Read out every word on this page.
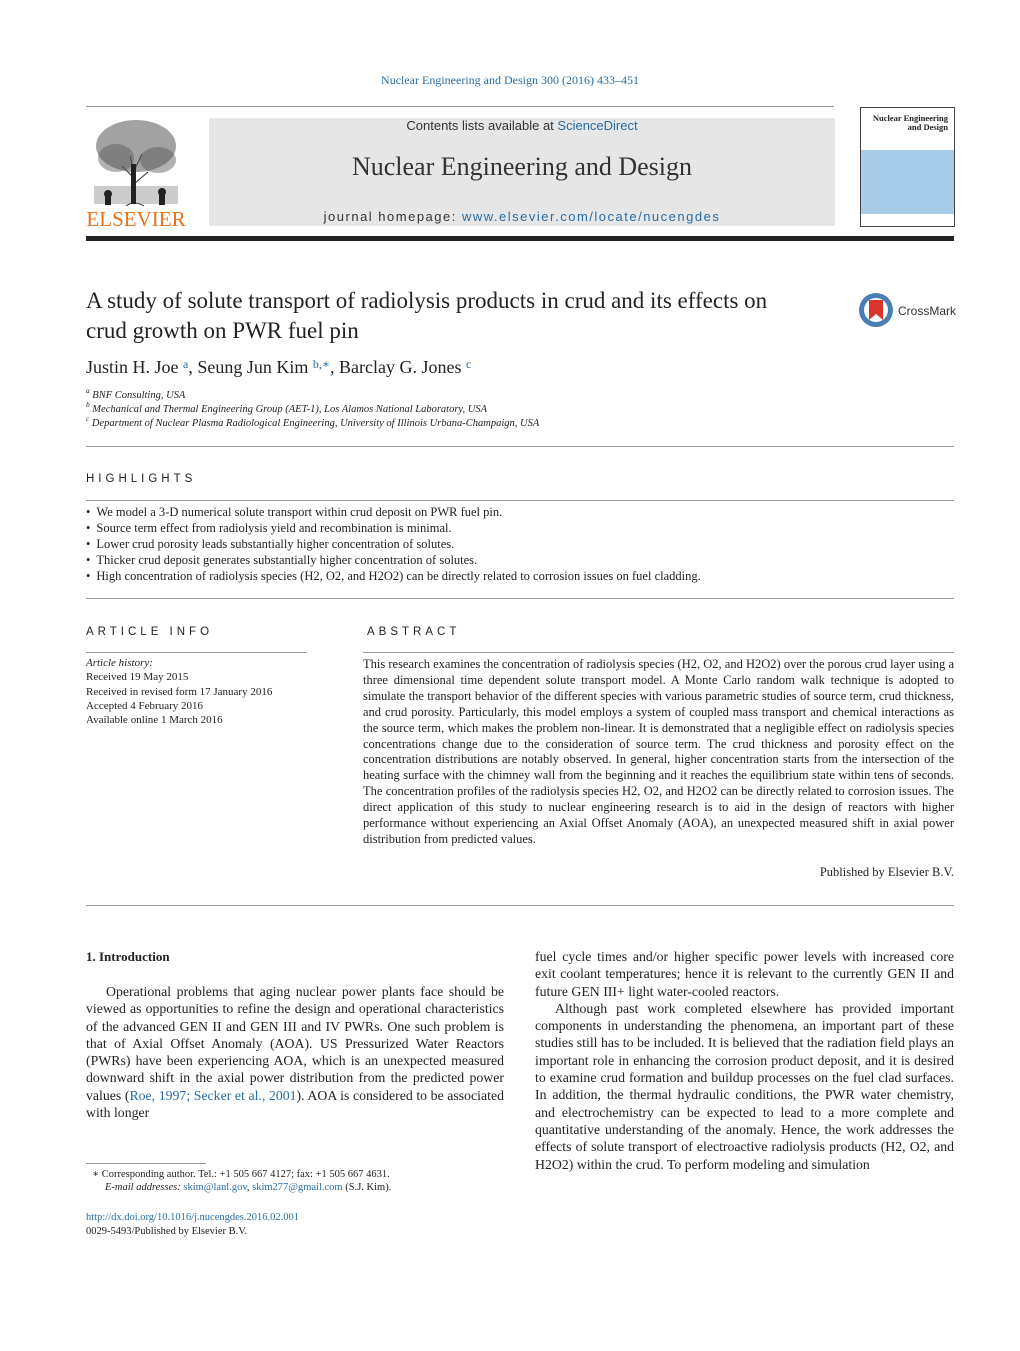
Nuclear Engineering and Design 300 (2016) 433–451
ELSEVIER
Contents lists available at ScienceDirect
Nuclear Engineering and Design
journal homepage: www.elsevier.com/locate/nucengdes
Nuclear Engineering and Design
A study of solute transport of radiolysis products in crud and its effects on crud growth on PWR fuel pin
CrossMark
Justin H. Joe $^a$, Seung Jun Kim $^{b,∗}$, Barclay G. Jones $^c$
$^a$ BNF Consulting, USA
$^b$ Mechanical and Thermal Engineering Group (AET-1), Los Alamos National Laboratory, USA
$^c$ Department of Nuclear Plasma Radiological Engineering, University of Illinois Urbana-Champaign, USA
HIGHLIGHTS
• We model a 3-D numerical solute transport within crud deposit on PWR fuel pin.
• Source term effect from radiolysis yield and recombination is minimal.
• Lower crud porosity leads substantially higher concentration of solutes.
• Thicker crud deposit generates substantially higher concentration of solutes.
• High concentration of radiolysis species (H2, O2, and H2O2) can be directly related to corrosion issues on fuel cladding.
ARTICLE INFO
Article history:
Received 19 May 2015
Received in revised form 17 January 2016
Accepted 4 February 2016
Available online 1 March 2016
ABSTRACT
This research examines the concentration of radiolysis species (H2, O2, and H2O2) over the porous crud layer using a three dimensional time dependent solute transport model. A Monte Carlo random walk technique is adopted to simulate the transport behavior of the different species with various parametric studies of source term, crud thickness, and crud porosity. Particularly, this model employs a system of coupled mass transport and chemical interactions as the source term, which makes the problem non-linear. It is demonstrated that a negligible effect on radiolysis species concentrations change due to the consideration of source term. The crud thickness and porosity effect on the concentration distributions are notably observed. In general, higher concentration starts from the intersection of the heating surface with the chimney wall from the beginning and it reaches the equilibrium state within tens of seconds. The concentration profiles of the radiolysis species H2, O2, and H2O2 can be directly related to corrosion issues. The direct application of this study to nuclear engineering research is to aid in the design of reactors with higher performance without experiencing an Axial Offset Anomaly (AOA), an unexpected measured shift in axial power distribution from predicted values.
Published by Elsevier B.V.
1. Introduction

Operational problems that aging nuclear power plants face should be viewed as opportunities to refine the design and operational characteristics of the advanced GEN II and GEN III and IV PWRs. One such problem is that of Axial Offset Anomaly (AOA). US Pressurized Water Reactors (PWRs) have been experiencing AOA, which is an unexpected measured downward shift in the axial power distribution from the predicted power values (Roe, 1997; Secker et al., 2001). AOA is considered to be associated with longer

fuel cycle times and/or higher specific power levels with increased core exit coolant temperatures; hence it is relevant to the currently GEN II and future GEN III+ light water-cooled reactors.

Although past work completed elsewhere has provided important components in understanding the phenomena, an important part of these studies still has to be included. It is believed that the radiation field plays an important role in enhancing the corrosion product deposit, and it is desired to examine crud formation and buildup processes on the fuel clad surfaces. In addition, the thermal hydraulic conditions, the PWR water chemistry, and electrochemistry can be expected to lead to a more complete and quantitative understanding of the anomaly. Hence, the work addresses the effects of solute transport of electroactive radiolysis products (H2, O2, and H2O2) within the crud. To perform modeling and simulation

∗ Corresponding author. Tel.: +1 505 667 4127; fax: +1 505 667 4631.
E-mail addresses: skim@lanl.gov, skim277@gmail.com (S.J. Kim).
http://dx.doi.org/10.1016/j.nucengdes.2016.02.001
0029-5493/Published by Elsevier B.V.
